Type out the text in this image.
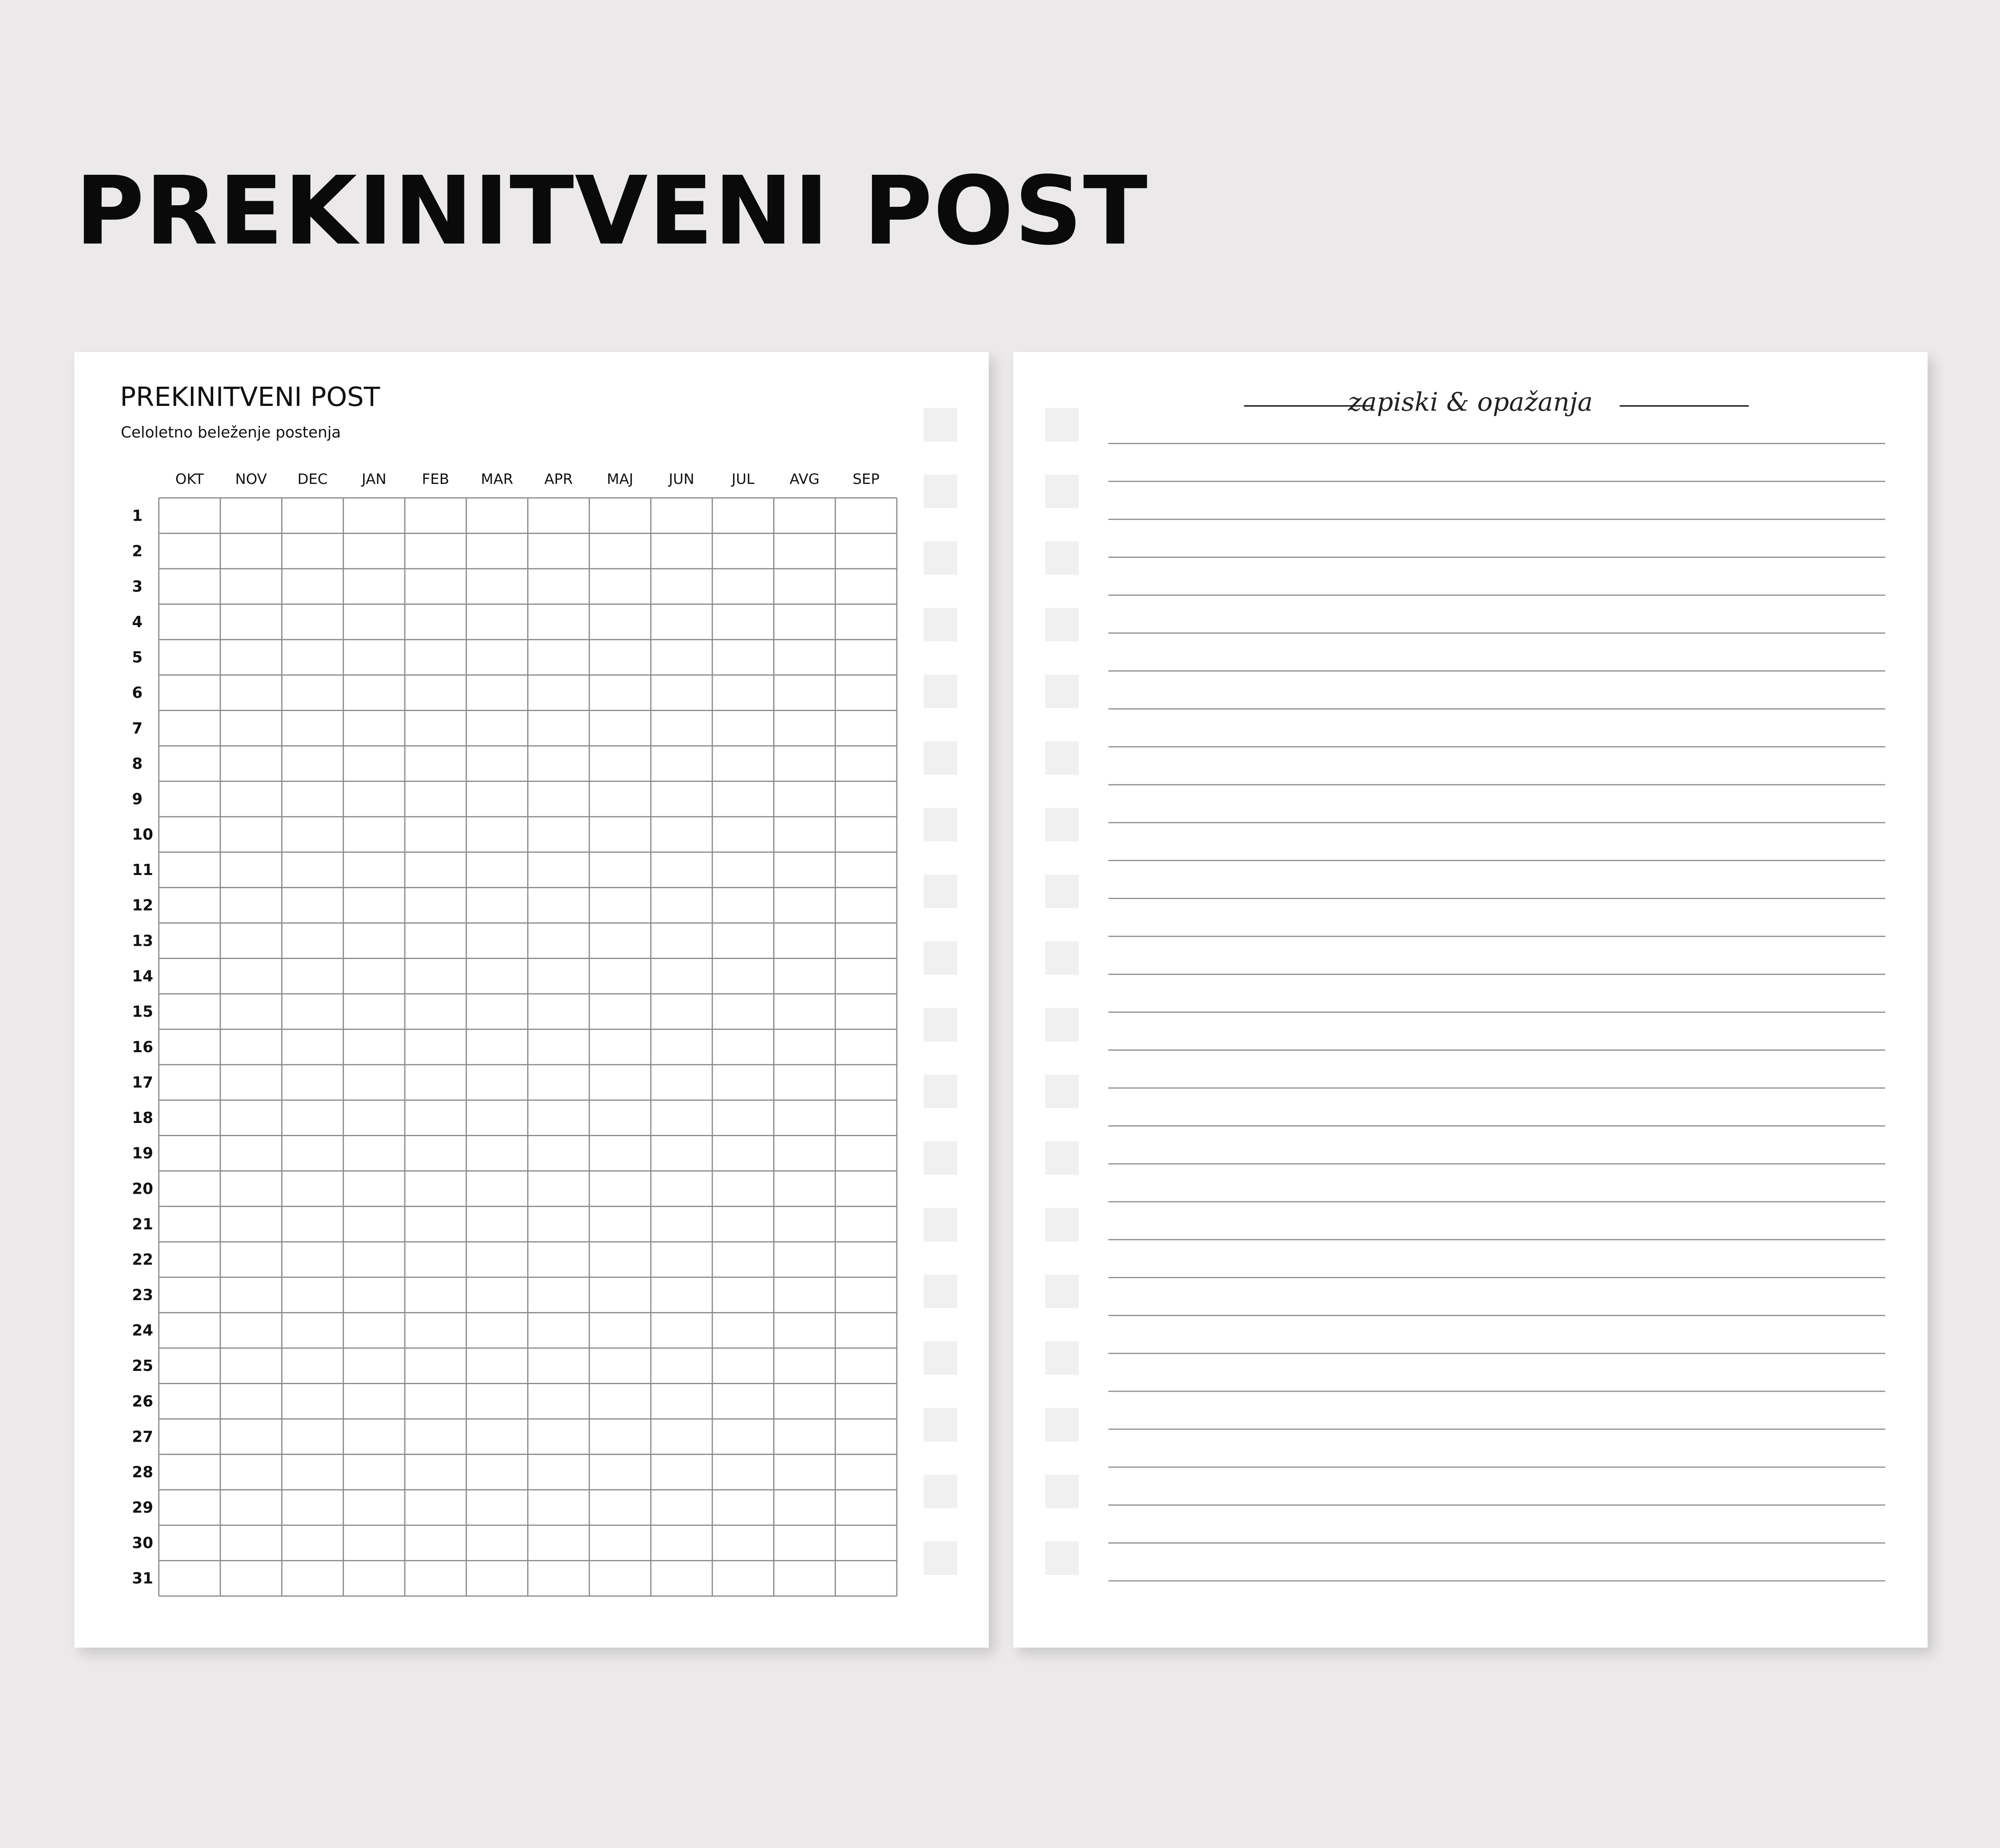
PREKINITVENI POST
PREKINITVENI POST
Celoletno beleženje postenja
OKT NOV DEC JAN FEB MAR APR MAJ JUN	JUL AVG SEP
1
2
3
4
5
6
7
8
9
10
11
12
13
14
15
16
17
18
19
20
21
22
23
24
25
26
27
28
29
30
31
zapiski & opažanja
